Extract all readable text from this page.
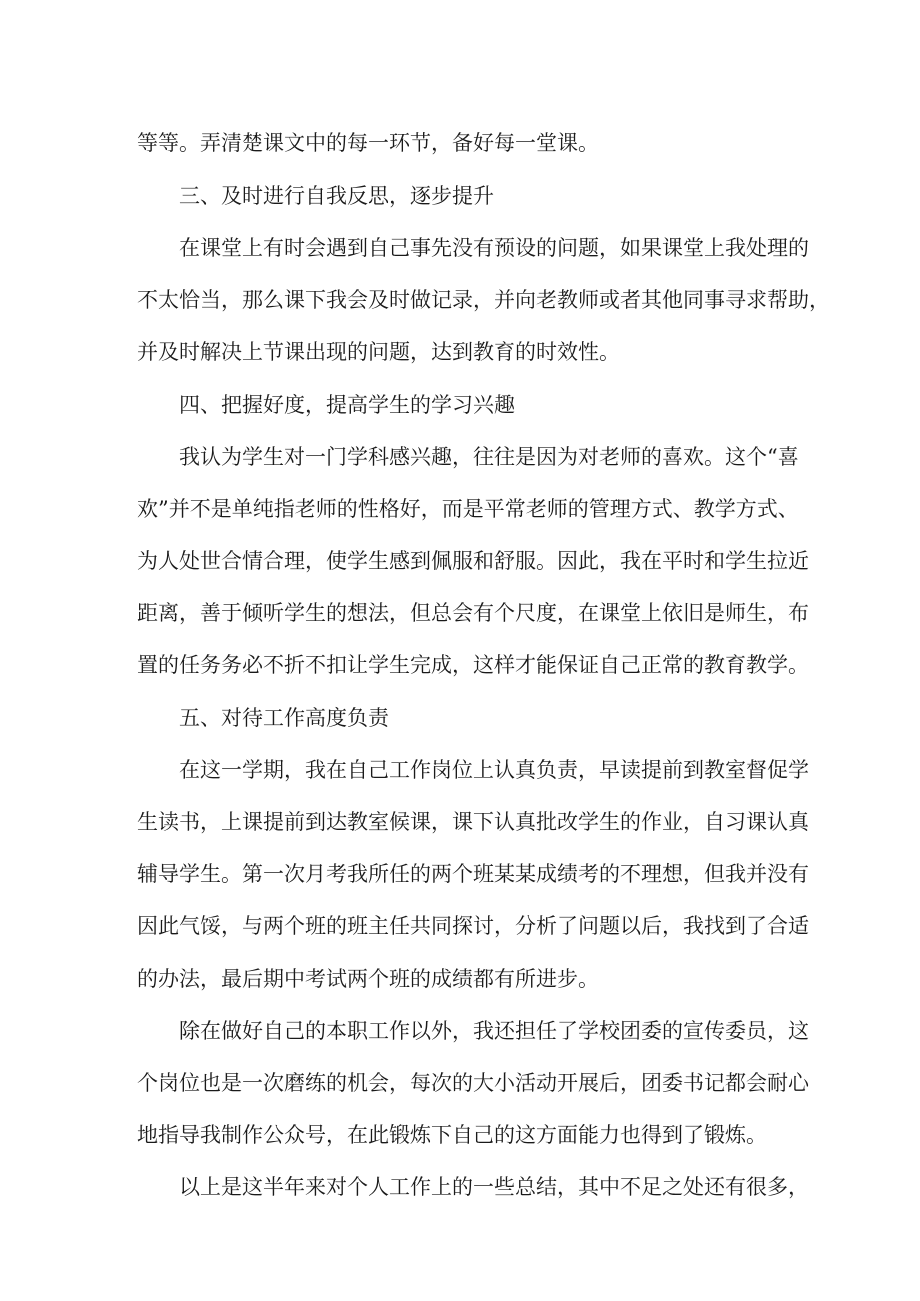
等等。弄清楚课文中的每一环节，备好每一堂课。

三、及时进行自我反思，逐步提升

在课堂上有时会遇到自己事先没有预设的问题，如果课堂上我处理的

不太恰当，那么课下我会及时做记录，并向老教师或者其他同事寻求帮助，

并及时解决上节课出现的问题，达到教育的时效性。

四、把握好度，提高学生的学习兴趣

我认为学生对一门学科感兴趣，往往是因为对老师的喜欢。这个“喜

欢”并不是单纯指老师的性格好，而是平常老师的管理方式、教学方式、

为人处世合情合理，使学生感到佩服和舒服。因此，我在平时和学生拉近

距离，善于倾听学生的想法，但总会有个尺度，在课堂上依旧是师生，布

置的任务务必不折不扣让学生完成，这样才能保证自己正常的教育教学。

五、对待工作高度负责

在这一学期，我在自己工作岗位上认真负责，早读提前到教室督促学

生读书，上课提前到达教室候课，课下认真批改学生的作业，自习课认真

辅导学生。第一次月考我所任的两个班某某成绩考的不理想，但我并没有

因此气馁，与两个班的班主任共同探讨，分析了问题以后，我找到了合适

的办法，最后期中考试两个班的成绩都有所进步。

除在做好自己的本职工作以外，我还担任了学校团委的宣传委员，这

个岗位也是一次磨练的机会，每次的大小活动开展后，团委书记都会耐心

地指导我制作公众号，在此锻炼下自己的这方面能力也得到了锻炼。

以上是这半年来对个人工作上的一些总结，其中不足之处还有很多，
